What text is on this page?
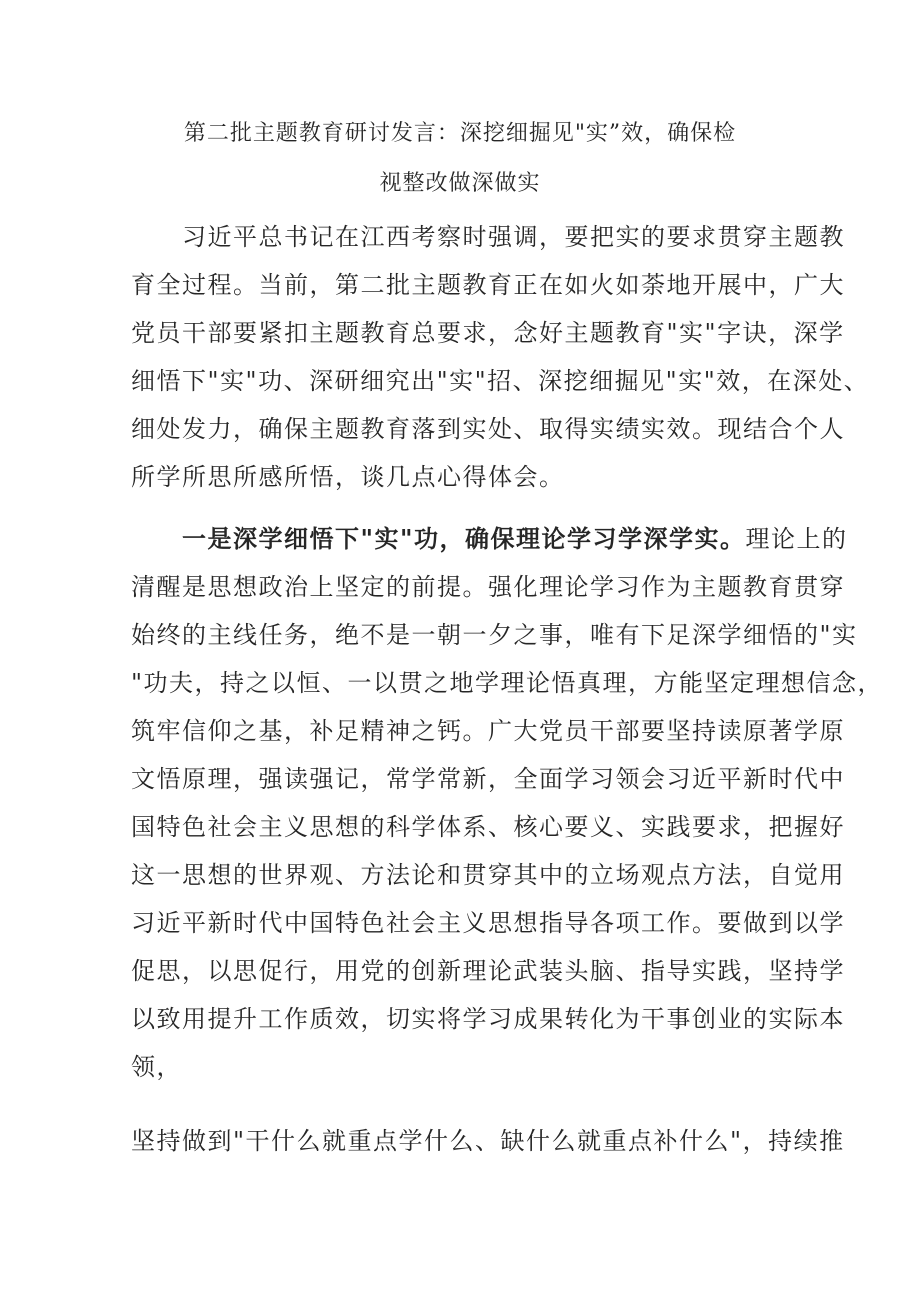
第二批主题教育研讨发言：深挖细掘见"实”效，确保检
视整改做深做实
　　习近平总书记在江西考察时强调，要把实的要求贯穿主题教
育全过程。当前，第二批主题教育正在如火如荼地开展中，广大
党员干部要紧扣主题教育总要求，念好主题教育"实"字诀，深学
细悟下"实"功、深研细究出"实"招、深挖细掘见"实"效，在深处、
细处发力，确保主题教育落到实处、取得实绩实效。现结合个人
所学所思所感所悟，谈几点心得体会。
　　一是深学细悟下"实"功，确保理论学习学深学实。理论上的
清醒是思想政治上坚定的前提。强化理论学习作为主题教育贯穿
始终的主线任务，绝不是一朝一夕之事，唯有下足深学细悟的"实
"功夫，持之以恒、一以贯之地学理论悟真理，方能坚定理想信念，
筑牢信仰之基，补足精神之钙。广大党员干部要坚持读原著学原
文悟原理，强读强记，常学常新，全面学习领会习近平新时代中
国特色社会主义思想的科学体系、核心要义、实践要求，把握好
这一思想的世界观、方法论和贯穿其中的立场观点方法，自觉用
习近平新时代中国特色社会主义思想指导各项工作。要做到以学
促思，以思促行，用党的创新理论武装头脑、指导实践，坚持学
以致用提升工作质效，切实将学习成果转化为干事创业的实际本
领，
坚持做到"干什么就重点学什么、缺什么就重点补什么"，持续推
